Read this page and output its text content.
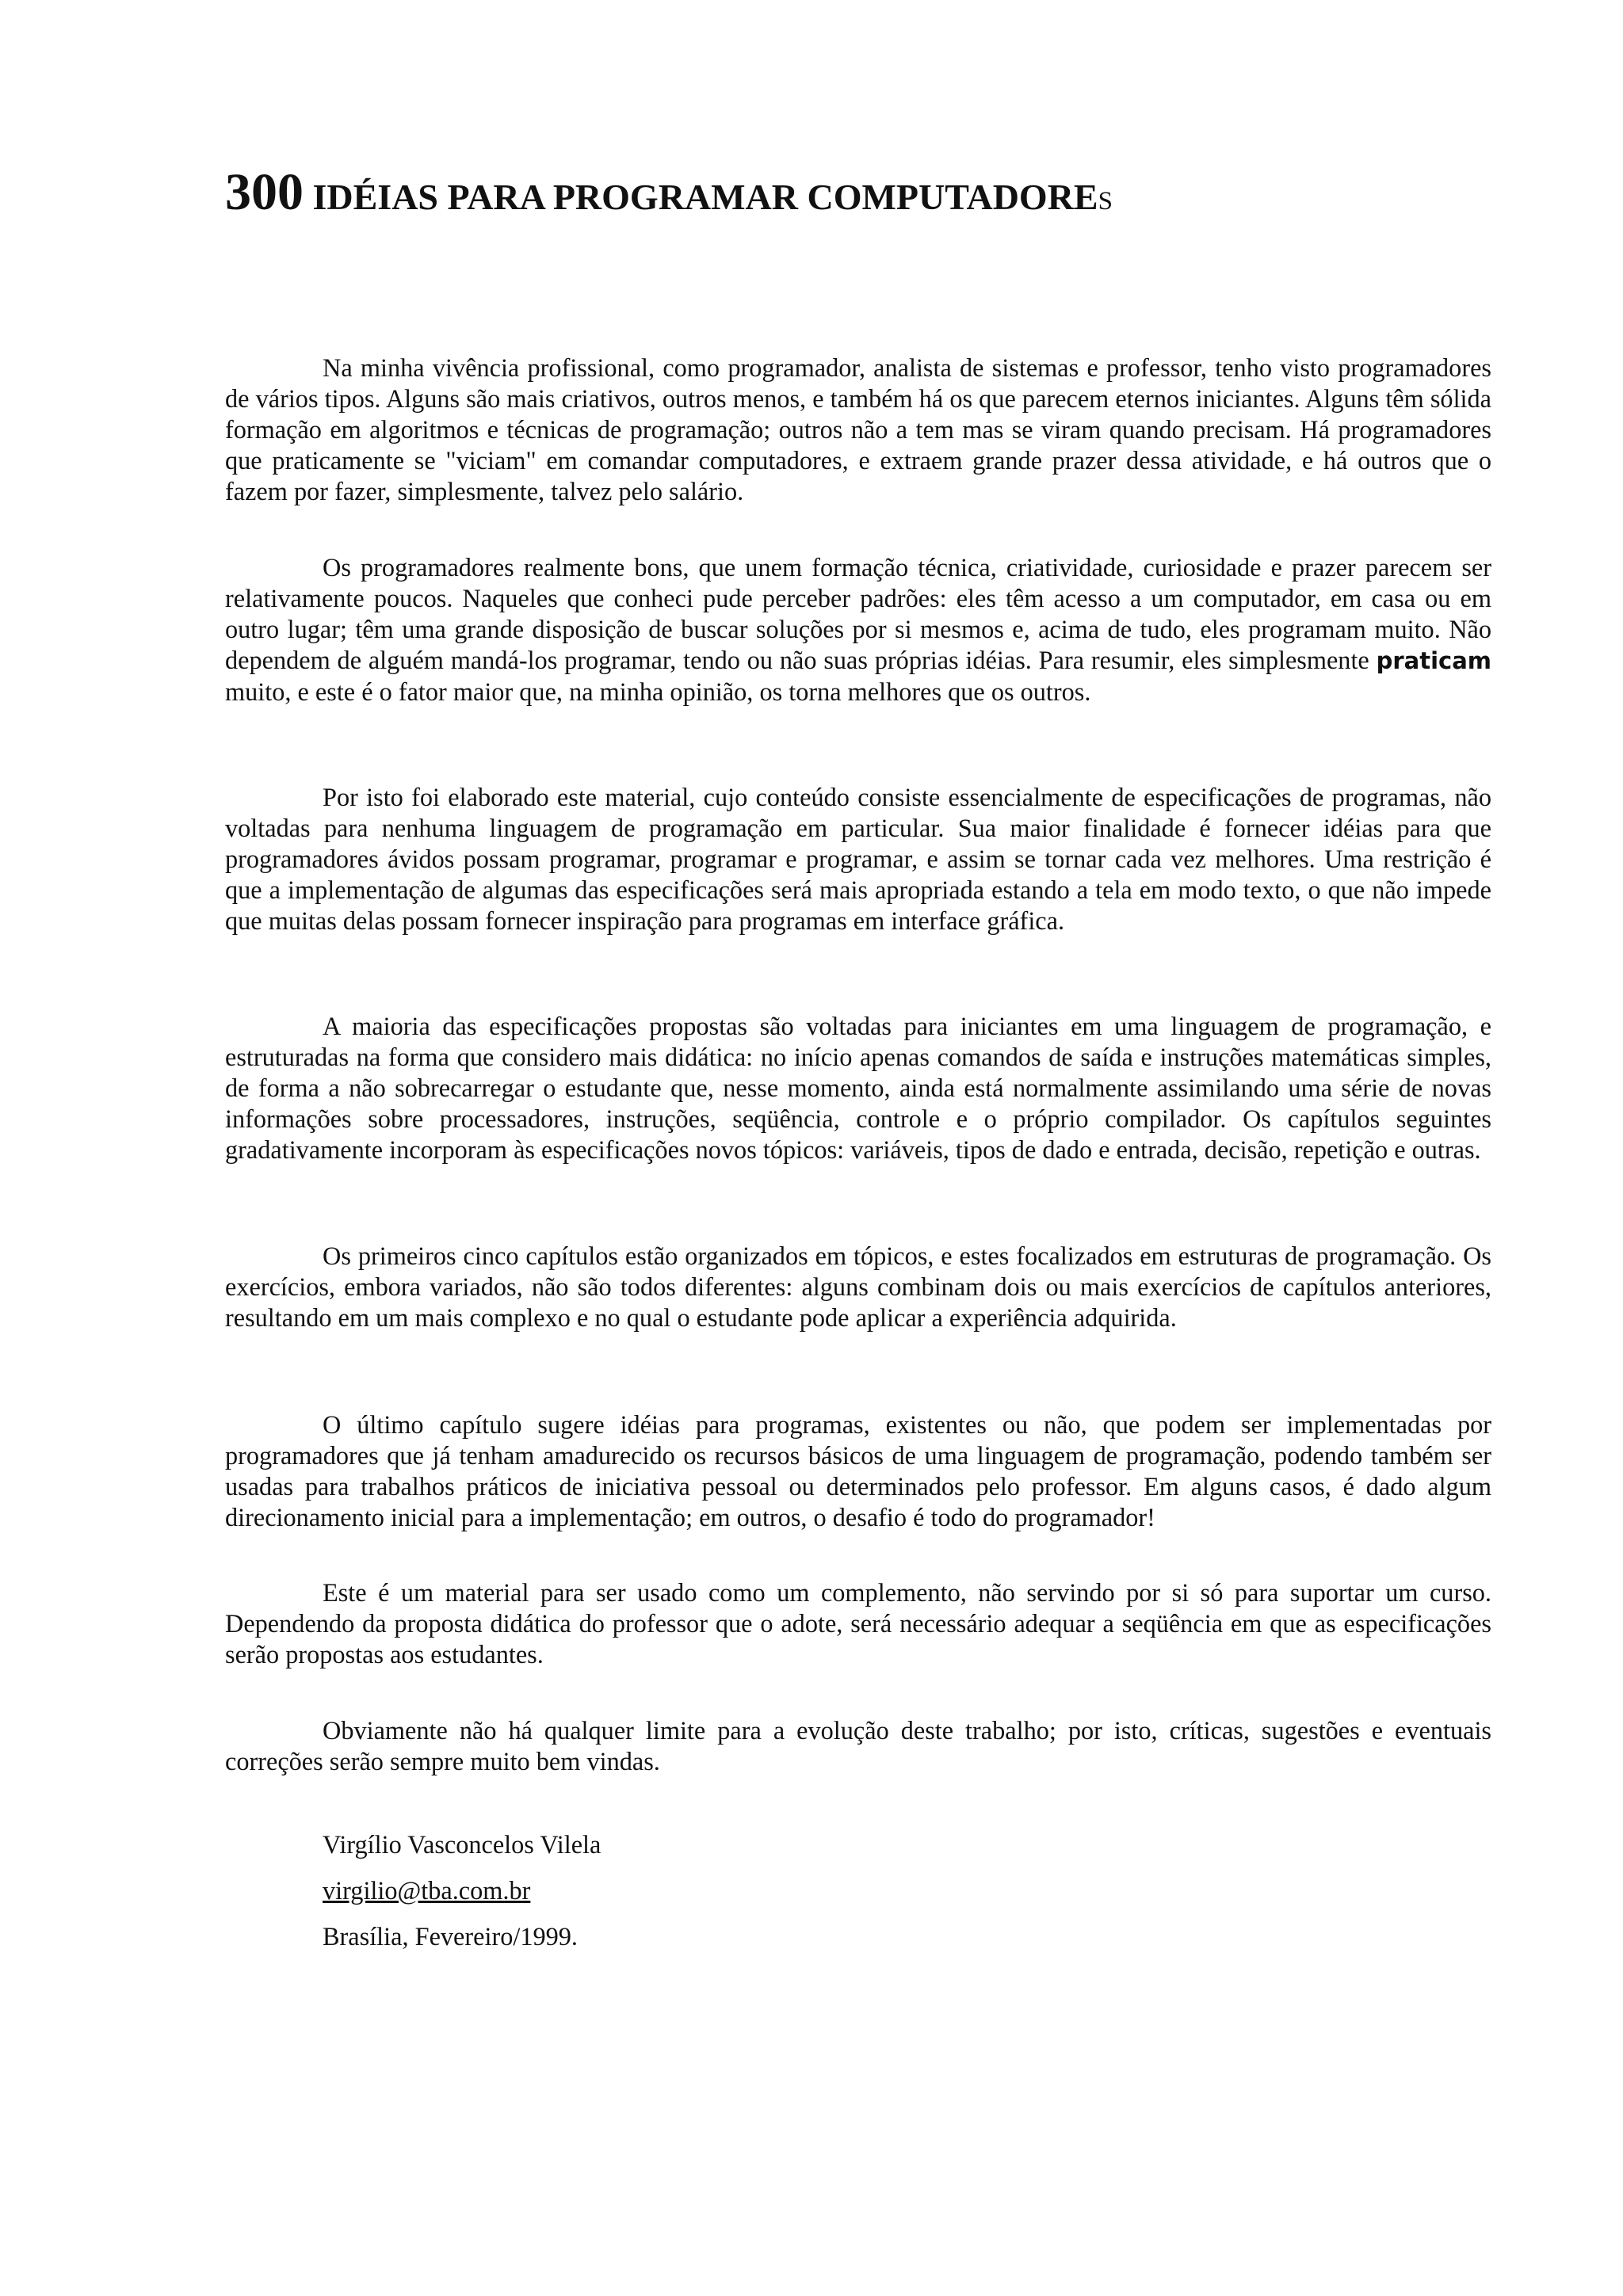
300 IDÉIAS PARA PROGRAMAR COMPUTADORES

Na minha vivência profissional, como programador, analista de sistemas e professor, tenho visto programadores de vários tipos. Alguns são mais criativos, outros menos, e também há os que parecem eternos iniciantes. Alguns têm sólida formação em algoritmos e técnicas de programação; outros não a tem mas se viram quando precisam. Há programadores que praticamente se "viciam" em comandar computadores, e extraem grande prazer dessa atividade, e há outros que o fazem por fazer, simplesmente, talvez pelo salário.

Os programadores realmente bons, que unem formação técnica, criatividade, curiosidade e prazer parecem ser relativamente poucos. Naqueles que conheci pude perceber padrões: eles têm acesso a um computador, em casa ou em outro lugar; têm uma grande disposição de buscar soluções por si mesmos e, acima de tudo, eles programam muito. Não dependem de alguém mandá-los programar, tendo ou não suas próprias idéias. Para resumir, eles simplesmente praticam muito, e este é o fator maior que, na minha opinião, os torna melhores que os outros.

Por isto foi elaborado este material, cujo conteúdo consiste essencialmente de especificações de programas, não voltadas para nenhuma linguagem de programação em particular. Sua maior finalidade é fornecer idéias para que programadores ávidos possam programar, programar e programar, e assim se tornar cada vez melhores. Uma restrição é que a implementação de algumas das especificações será mais apropriada estando a tela em modo texto, o que não impede que muitas delas possam fornecer inspiração para programas em interface gráfica.

A maioria das especificações propostas são voltadas para iniciantes em uma linguagem de programação, e estruturadas na forma que considero mais didática: no início apenas comandos de saída e instruções matemáticas simples, de forma a não sobrecarregar o estudante que, nesse momento, ainda está normalmente assimilando uma série de novas informações sobre processadores, instruções, seqüência, controle e o próprio compilador. Os capítulos seguintes gradativamente incorporam às especificações novos tópicos: variáveis, tipos de dado e entrada, decisão, repetição e outras.

Os primeiros cinco capítulos estão organizados em tópicos, e estes focalizados em estruturas de programação. Os exercícios, embora variados, não são todos diferentes: alguns combinam dois ou mais exercícios de capítulos anteriores, resultando em um mais complexo e no qual o estudante pode aplicar a experiência adquirida.

O último capítulo sugere idéias para programas, existentes ou não, que podem ser implementadas por programadores que já tenham amadurecido os recursos básicos de uma linguagem de programação, podendo também ser usadas para trabalhos práticos de iniciativa pessoal ou determinados pelo professor. Em alguns casos, é dado algum direcionamento inicial para a implementação; em outros, o desafio é todo do programador!

Este é um material para ser usado como um complemento, não servindo por si só para suportar um curso. Dependendo da proposta didática do professor que o adote, será necessário adequar a seqüência em que as especificações serão propostas aos estudantes.

Obviamente não há qualquer limite para a evolução deste trabalho; por isto, críticas, sugestões e eventuais correções serão sempre muito bem vindas.

Virgílio Vasconcelos Vilela

virgilio@tba.com.br

Brasília, Fevereiro/1999.
